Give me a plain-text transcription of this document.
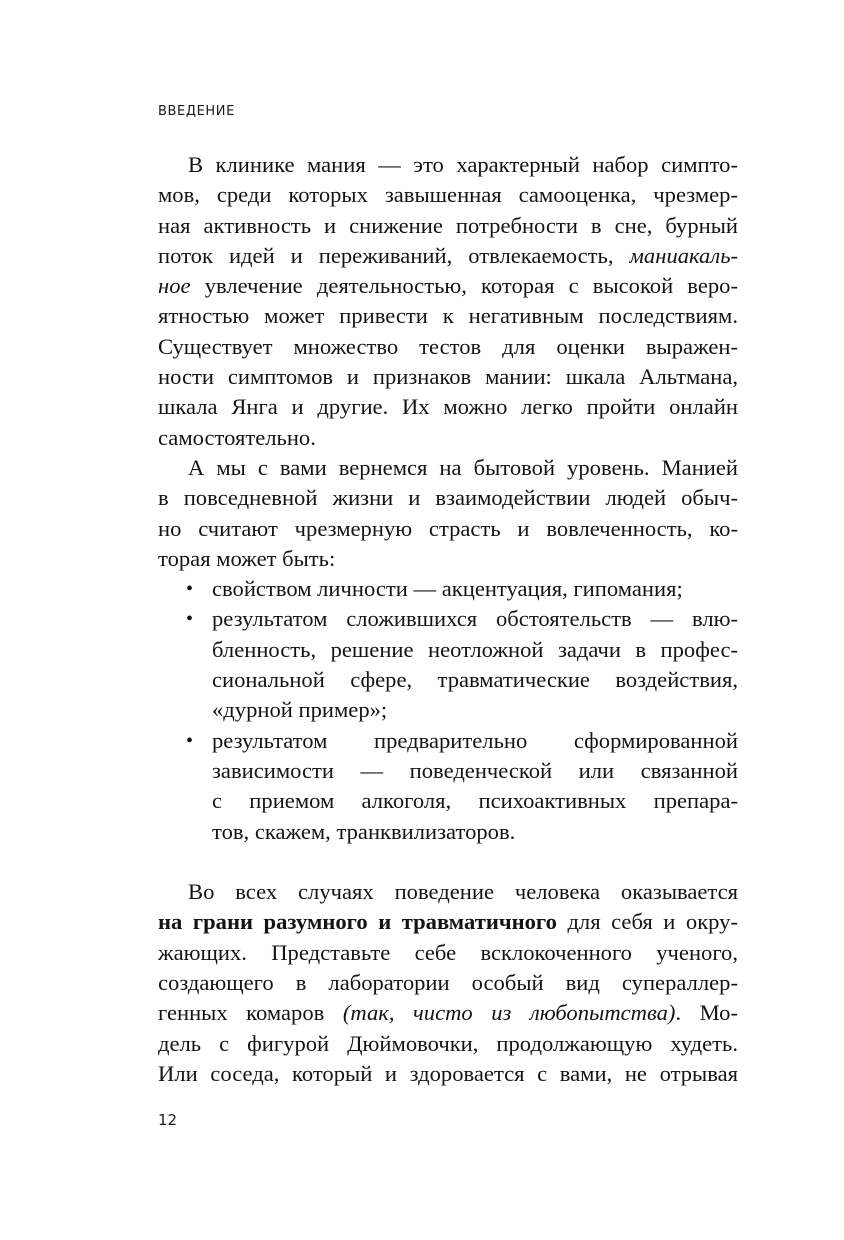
ВВЕДЕНИЕ
В клинике мания — это характерный набор симпто-
мов, среди которых завышенная самооценка, чрезмер-
ная активность и снижение потребности в сне, бурный
поток идей и переживаний, отвлекаемость, маниакаль-
ное увлечение деятельностью, которая с высокой веро-
ятностью может привести к негативным последствиям.
Существует множество тестов для оценки выражен-
ности симптомов и признаков мании: шкала Альтмана,
шкала Янга и другие. Их можно легко пройти онлайн
самостоятельно.
А мы с вами вернемся на бытовой уровень. Манией
в повседневной жизни и взаимодействии людей обыч-
но считают чрезмерную страсть и вовлеченность, ко-
торая может быть:
• свойством личности — акцентуация, гипомания;
• результатом сложившихся обстоятельств — влю-
бленность, решение неотложной задачи в профес-
сиональной сфере, травматические воздействия,
«дурной пример»;
• результатом предварительно сформированной
зависимости — поведенческой или связанной
с приемом алкоголя, психоактивных препара-
тов, скажем, транквилизаторов.
Во всех случаях поведение человека оказывается
на грани разумного и травматичного для себя и окру-
жающих. Представьте себе всклокоченного ученого,
создающего в лаборатории особый вид супераллер-
генных комаров (так, чисто из любопытства). Мо-
дель с фигурой Дюймовочки, продолжающую худеть.
Или соседа, который и здоровается с вами, не отрывая
12
